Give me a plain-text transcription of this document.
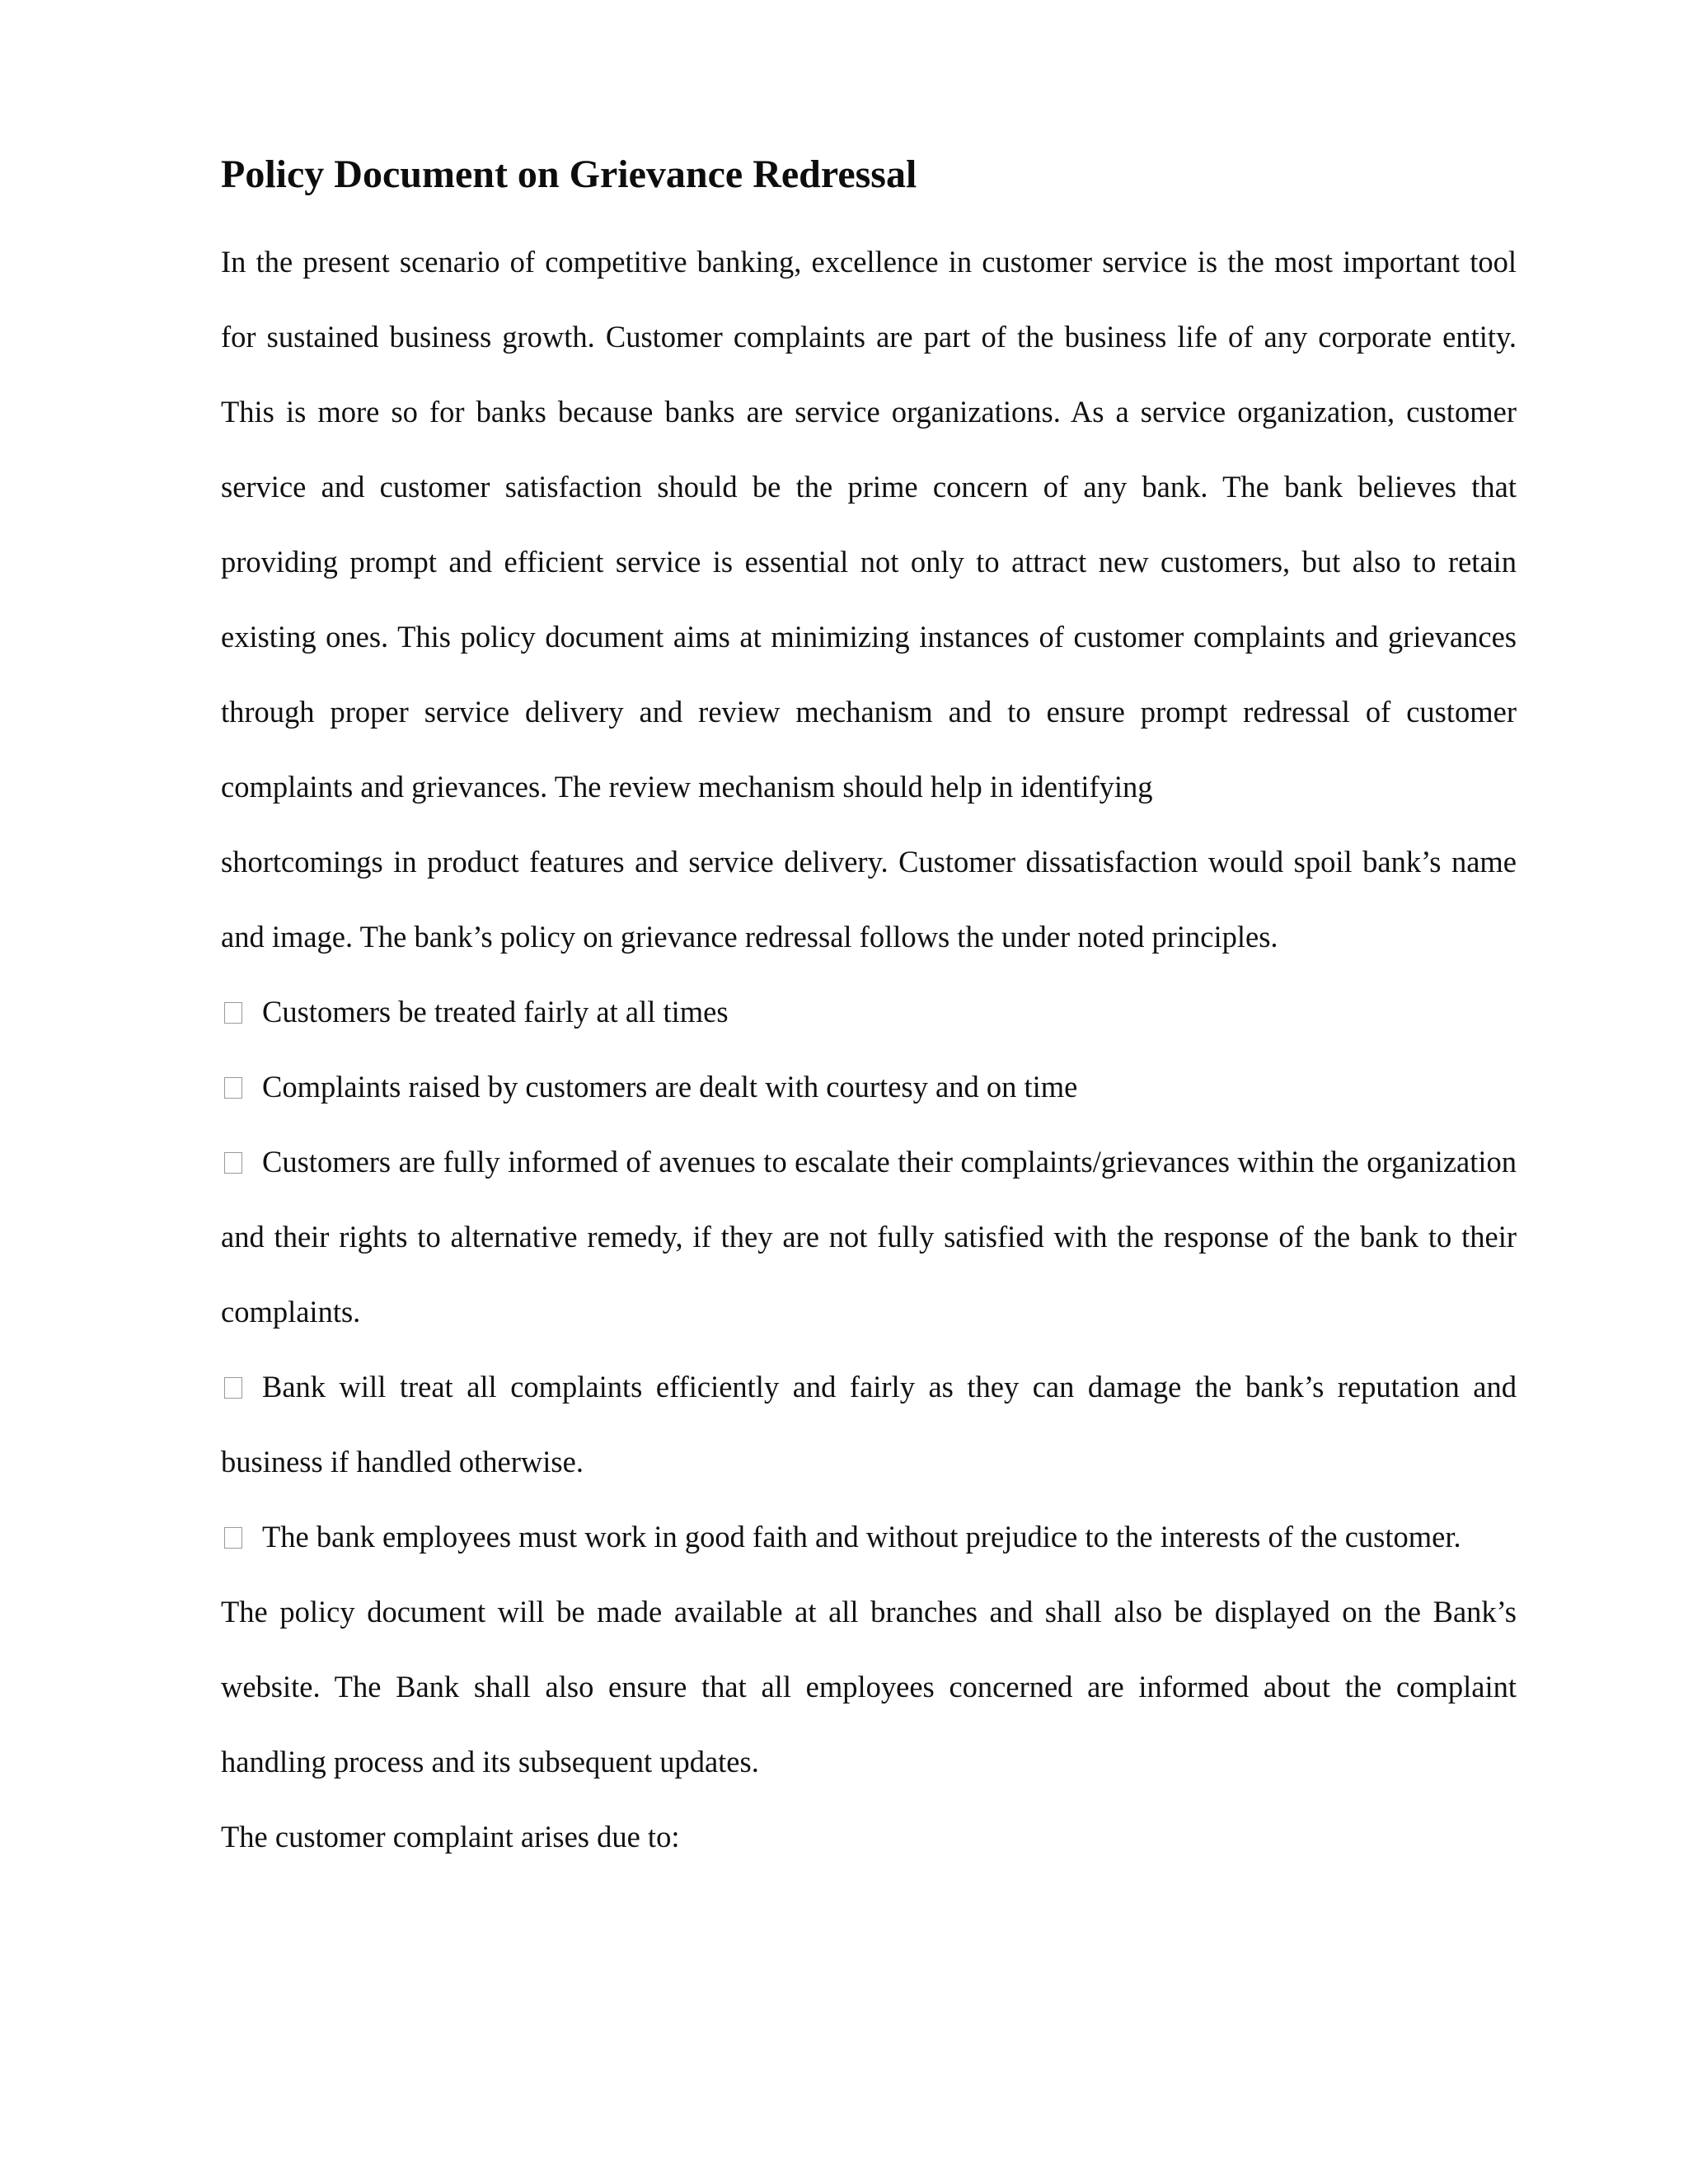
Policy Document on Grievance Redressal

In the present scenario of competitive banking, excellence in customer service is the most important tool for sustained business growth. Customer complaints are part of the business life of any corporate entity. This is more so for banks because banks are service organizations. As a service organization, customer service and customer satisfaction should be the prime concern of any bank. The bank believes that providing prompt and efficient service is essential not only to attract new customers, but also to retain existing ones. This policy document aims at minimizing instances of customer complaints and grievances through proper service delivery and review mechanism and to ensure prompt redressal of customer complaints and grievances. The review mechanism should help in identifying

shortcomings in product features and service delivery. Customer dissatisfaction would spoil bank’s name and image. The bank’s policy on grievance redressal follows the under noted principles.

Customers be treated fairly at all times

Complaints raised by customers are dealt with courtesy and on time

Customers are fully informed of avenues to escalate their complaints/grievances within the organization and their rights to alternative remedy, if they are not fully satisfied with the response of the bank to their complaints.

Bank will treat all complaints efficiently and fairly as they can damage the bank’s reputation and business if handled otherwise.

The bank employees must work in good faith and without prejudice to the interests of the customer.

The policy document will be made available at all branches and shall also be displayed on the Bank’s website. The Bank shall also ensure that all employees concerned are informed about the complaint handling process and its subsequent updates.

The customer complaint arises due to:
